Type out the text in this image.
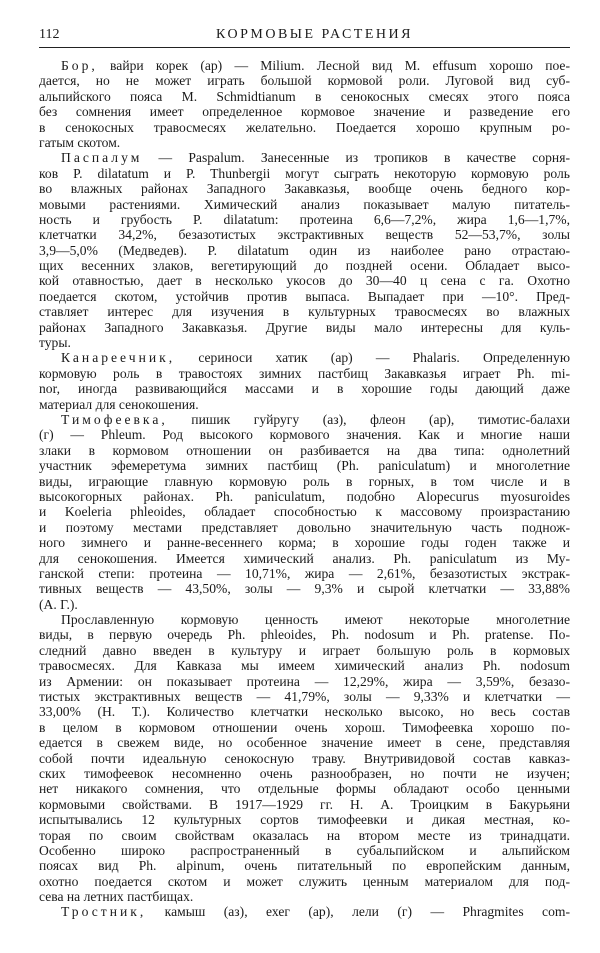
112	КОРМОВЫЕ РАСТЕНИЯ
Бор, вайри корек (ар) — Milium. Лесной вид M. effusum хорошо пое-
дается, но не может играть большой кормовой роли. Луговой вид суб-
альпийского пояса M. Schmidtianum в сенокосных смесях этого пояса
без сомнения имеет определенное кормовое значение и разведение его
в сенокосных травосмесях желательно. Поедается хорошо крупным ро-
гатым скотом.
Паспалум — Paspalum. Занесенные из тропиков в качестве сорня-
ков P. dilatatum и P. Thunbergii могут сыграть некоторую кормовую роль
во влажных районах Западного Закавказья, вообще очень бедного кор-
мовыми растениями. Химический анализ показывает малую питатель-
ность и грубость P. dilatatum: протеина 6,6—7,2%, жира 1,6—1,7%,
клетчатки 34,2%, безазотистых экстрактивных веществ 52—53,7%, золы
3,9—5,0% (Медведев). P. dilatatum один из наиболее рано отрастаю-
щих весенних злаков, вегетирующий до поздней осени. Обладает высо-
кой отавностью, дает в несколько укосов до 30—40 ц сена с га. Охотно
поедается скотом, устойчив против выпаса. Выпадает при —10°. Пред-
ставляет интерес для изучения в культурных травосмесях во влажных
районах Западного Закавказья. Другие виды мало интересны для куль-
туры.
Канареечник, сериноси хатик (ар) — Phalaris. Определенную
кормовую роль в травостоях зимних пастбищ Закавказья играет Ph. mi-
nor, иногда развивающийся массами и в хорошие годы дающий даже
материал для сенокошения.
Тимофеевка, пишик гуйругу (аз), флеон (ар), тимотис-балахи
(г) — Phleum. Род высокого кормового значения. Как и многие наши
злаки в кормовом отношении он разбивается на два типа: однолетний
участник эфемеретума зимних пастбищ (Ph. paniculatum) и многолетние
виды, играющие главную кормовую роль в горных, в том числе и в
высокогорных районах. Ph. paniculatum, подобно Alopecurus myosuroides
и Koeleria phleoides, обладает способностью к массовому произрастанию
и поэтому местами представляет довольно значительную часть поднож-
ного зимнего и ранне-весеннего корма; в хорошие годы годен также и
для сенокошения. Имеется химический анализ. Ph. paniculatum из Му-
ганской степи: протеина — 10,71%, жира — 2,61%, безазотистых экстрак-
тивных веществ — 43,50%, золы — 9,3% и сырой клетчатки — 33,88%
(А. Г.).
Прославленную кормовую ценность имеют некоторые многолетние
виды, в первую очередь Ph. phleoides, Ph. nodosum и Ph. pratense. По-
следний давно введен в культуру и играет большую роль в кормовых
травосмесях. Для Кавказа мы имеем химический анализ Ph. nodosum
из Армении: он показывает протеина — 12,29%, жира — 3,59%, безазо-
тистых экстрактивных веществ — 41,79%, золы — 9,33% и клетчатки —
33,00% (Н. Т.). Количество клетчатки несколько высоко, но весь состав
в целом в кормовом отношении очень хорош. Тимофеевка хорошо по-
едается в свежем виде, но особенное значение имеет в сене, представляя
собой почти идеальную сенокосную траву. Внутривидовой состав кавказ-
ских тимофеевок несомненно очень разнообразен, но почти не изучен;
нет никакого сомнения, что отдельные формы обладают особо ценными
кормовыми свойствами. В 1917—1929 гг. Н. А. Троицким в Бакурьяни
испытывались 12 культурных сортов тимофеевки и дикая местная, ко-
торая по своим свойствам оказалась на втором месте из тринадцати.
Особенно широко распространенный в субальпийском и альпийском
поясах вид Ph. alpinum, очень питательный по европейским данным,
охотно поедается скотом и может служить ценным материалом для под-
сева на летних пастбищах.
Тростник, камыш (аз), ехег (ар), лели (г) — Phragmites com-
